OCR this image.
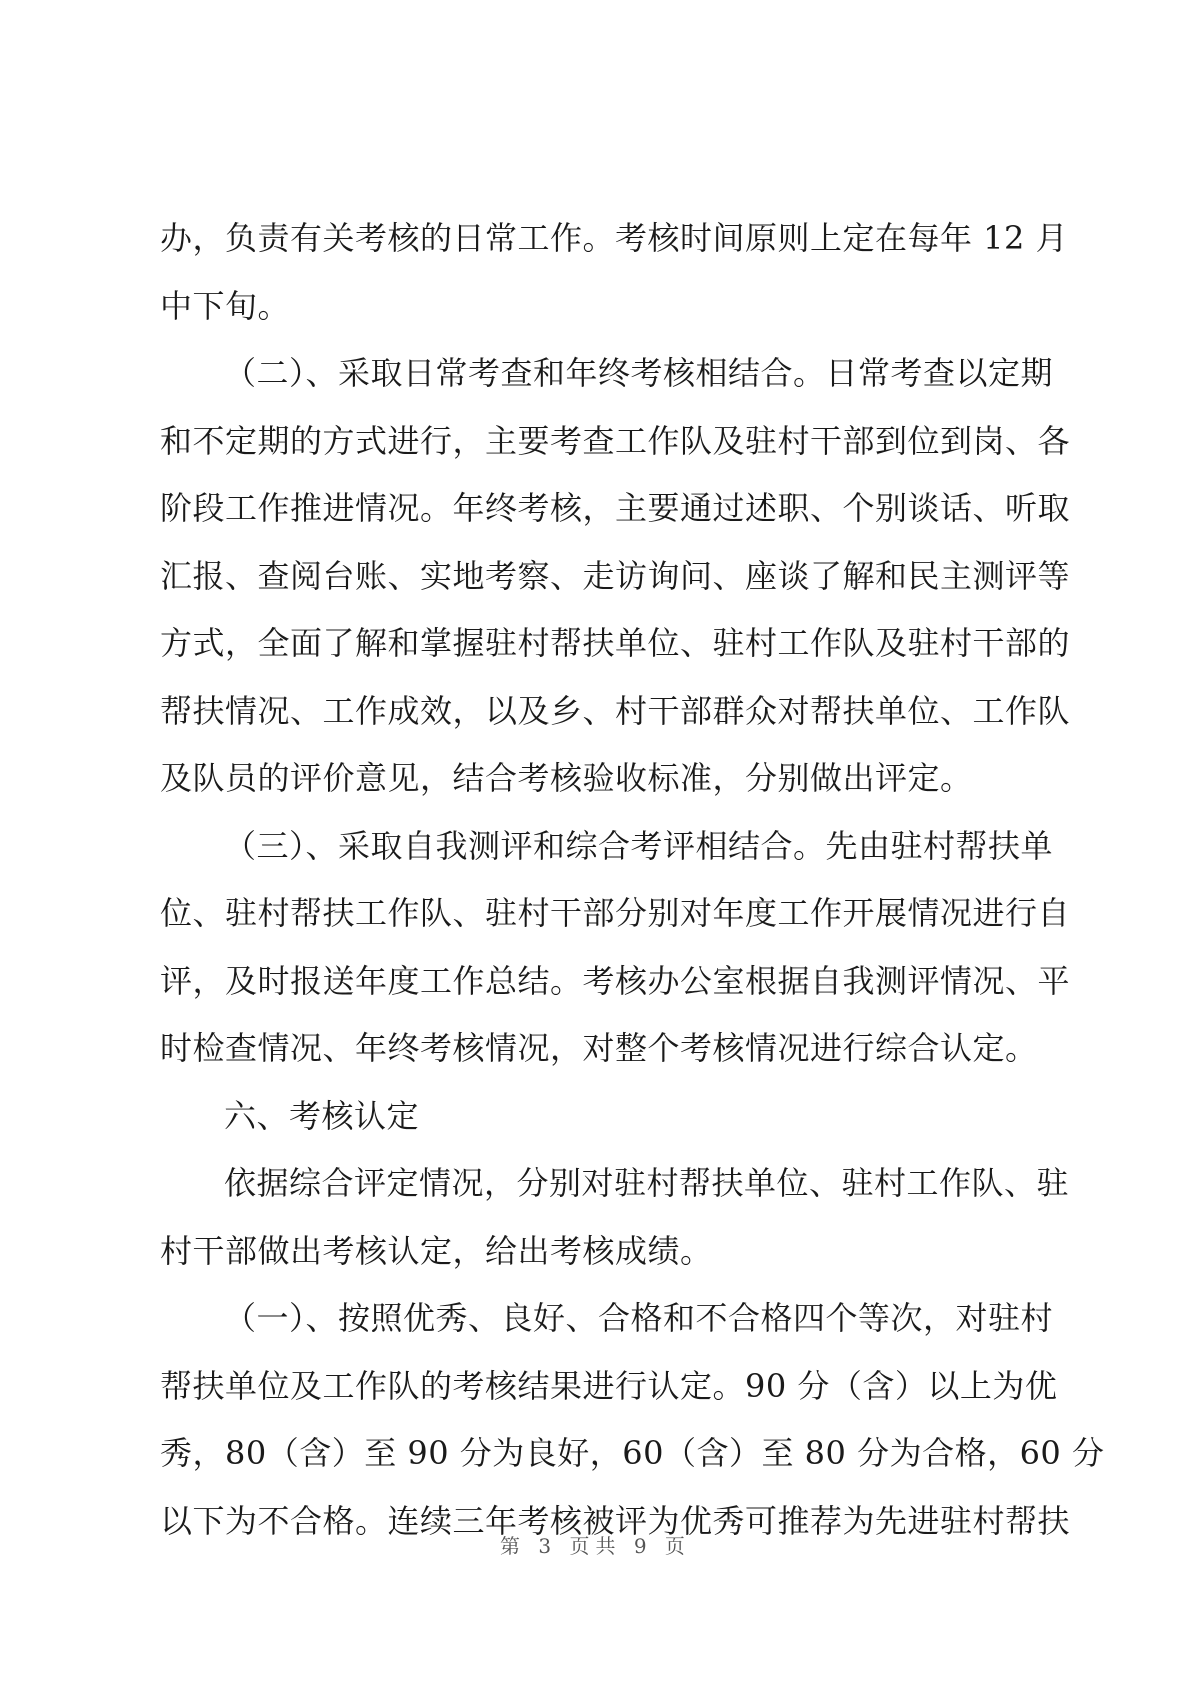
办，负责有关考核的日常工作。考核时间原则上定在每年 12 月
中下旬。
（二）、采取日常考查和年终考核相结合。日常考查以定期
和不定期的方式进行，主要考查工作队及驻村干部到位到岗、各
阶段工作推进情况。年终考核，主要通过述职、个别谈话、听取
汇报、查阅台账、实地考察、走访询问、座谈了解和民主测评等
方式，全面了解和掌握驻村帮扶单位、驻村工作队及驻村干部的
帮扶情况、工作成效，以及乡、村干部群众对帮扶单位、工作队
及队员的评价意见，结合考核验收标准，分别做出评定。
（三）、采取自我测评和综合考评相结合。先由驻村帮扶单
位、驻村帮扶工作队、驻村干部分别对年度工作开展情况进行自
评，及时报送年度工作总结。考核办公室根据自我测评情况、平
时检查情况、年终考核情况，对整个考核情况进行综合认定。
六、考核认定
依据综合评定情况，分别对驻村帮扶单位、驻村工作队、驻
村干部做出考核认定，给出考核成绩。
（一）、按照优秀、良好、合格和不合格四个等次，对驻村
帮扶单位及工作队的考核结果进行认定。90 分（含）以上为优
秀，80（含）至 90 分为良好，60（含）至 80 分为合格，60 分
以下为不合格。连续三年考核被评为优秀可推荐为先进驻村帮扶
第 3 页共 9 页
